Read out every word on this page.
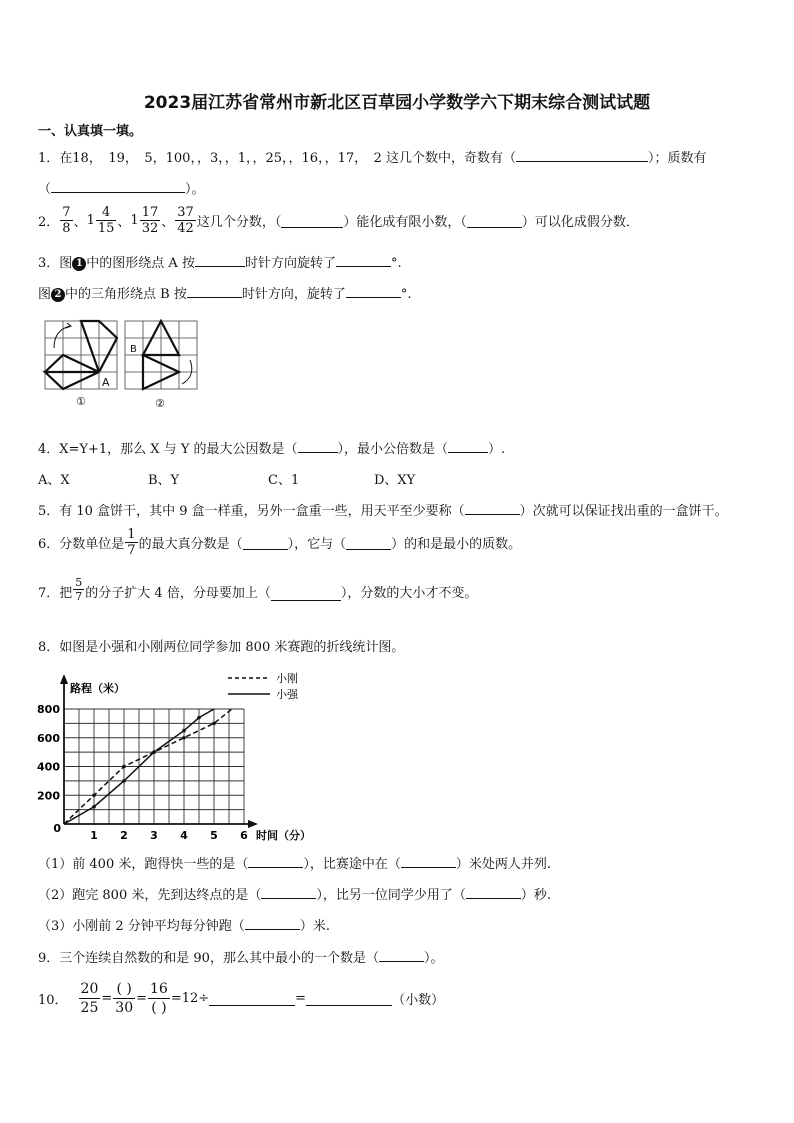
2023届江苏省常州市新北区百草园小学数学六下期末综合测试试题
一、认真填一填。
1．在18，　19，　5，100，，3，，1，，25，，16，，17，　2 这几个数中，奇数有（	）；质数有
（	）。
2． $\frac{7}{8}$ 、 $1 \frac{4}{15}$ 、 $1 \frac{17}{32}$ 、 $\frac{37}{42}$ 这几个分数，（	）能化成有限小数，（	）可以化成假分数．
3．图 1 中的图形绕点 A 按	时针方向旋转了	°.
图 2 中的三角形绕点 B 按	时针方向，旋转了	°.
A
①
B
②
4．X=Y+1，那么 X 与 Y 的最大公因数是（	），最小公倍数是（	）.
A、X	B、Y	C、1	D、XY
5．有 10 盒饼干，其中 9 盒一样重，另外一盒重一些，用天平至少要称（	）次就可以保证找出重的一盒饼干。
6．分数单位是 $\frac{1}{7}$ 的最大真分数是（	），它与（	）的和是最小的质数。
7．把 $\frac{5}{7}$ 的分子扩大 4 倍，分母要加上（	），分数的大小才不变。
8．如图是小强和小刚两位同学参加 800 米赛跑的折线统计图。
200
400
600
800
1 2 3 4 5 6
0
路程（米）
时间（分）
小刚
小强
（1）前 400 米，跑得快一些的是（	），比赛途中在（	）米处两人并列.
（2）跑完 800 米，先到达终点的是（	），比另一位同学少用了（	）秒.
（3）小刚前 2 分钟平均每分钟跑（	）米.
9．三个连续自然数的和是 90，那么其中最小的一个数是（	）。
10． $\frac{20}{25} = \frac{( )}{30} = \frac{16}{( )} =12\div$	=	（小数）
